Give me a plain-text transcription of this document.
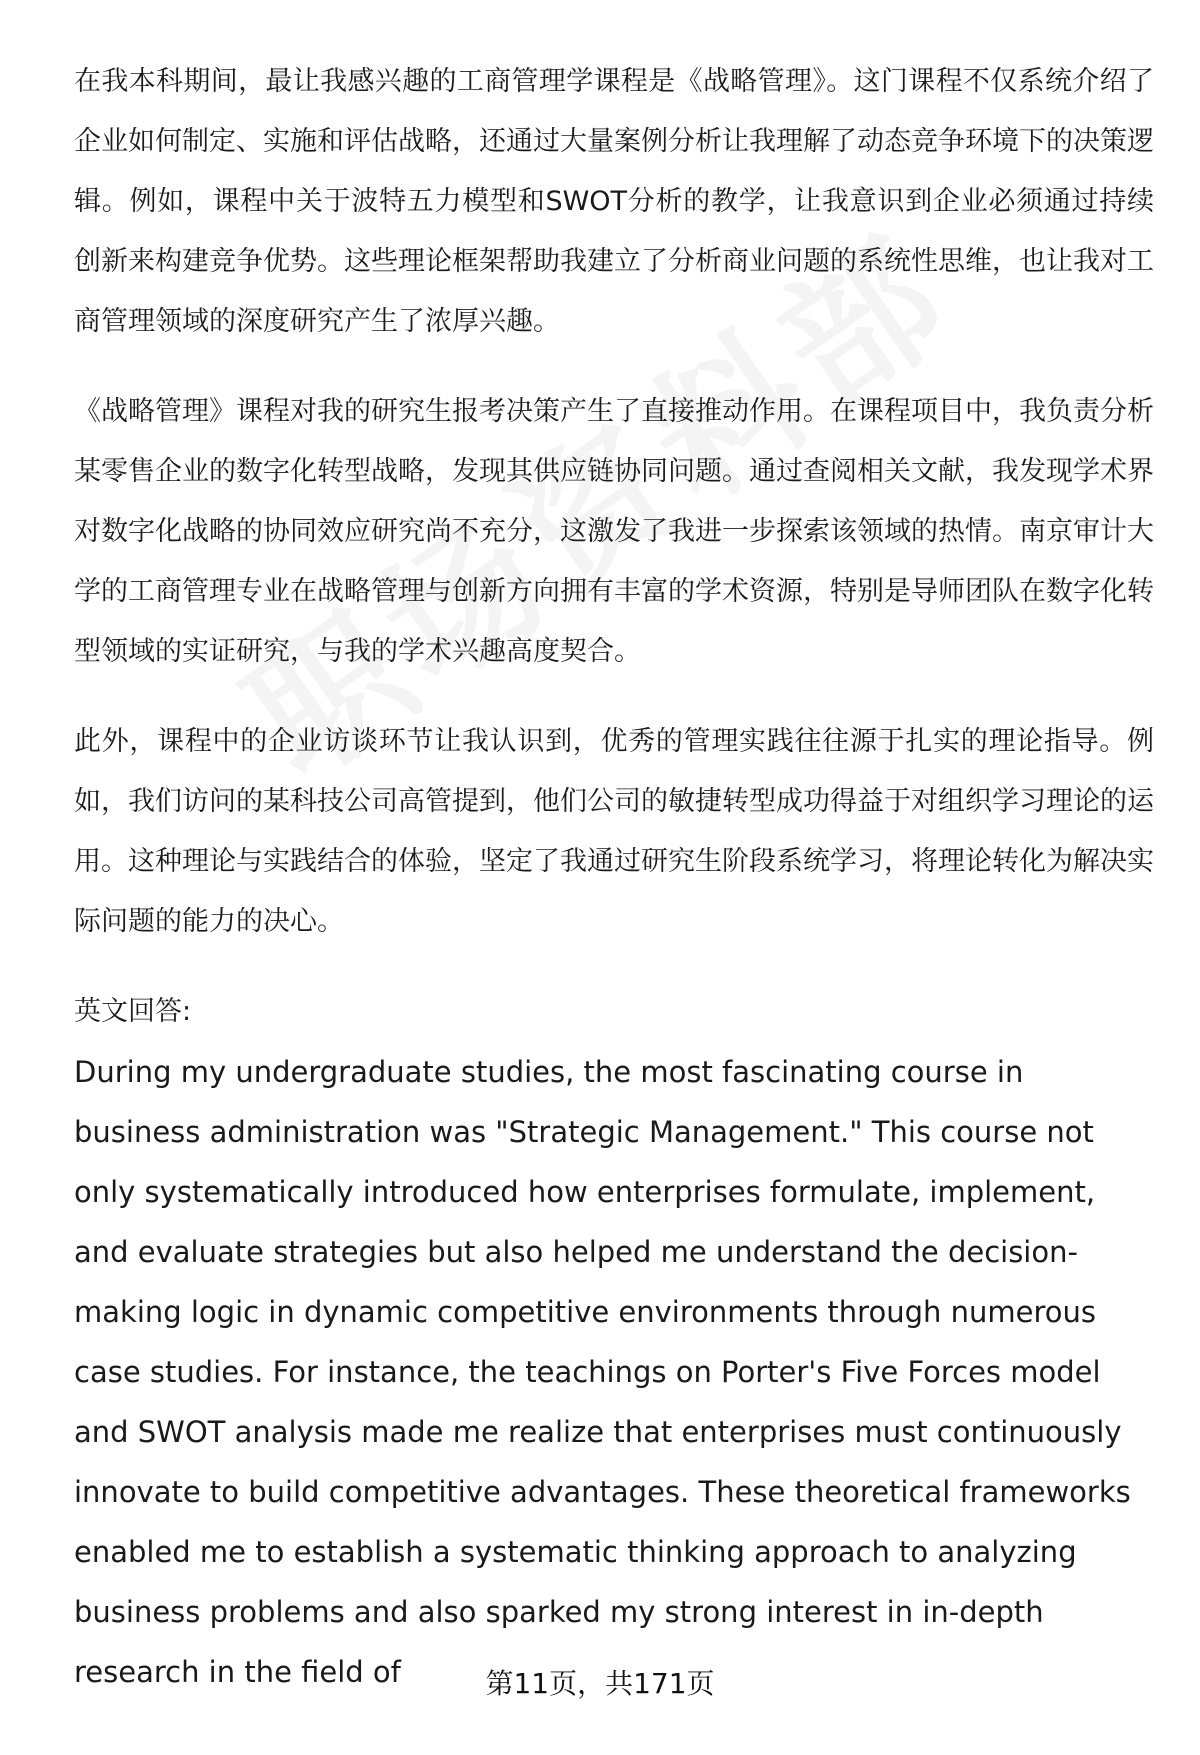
在我本科期间，最让我感兴趣的工商管理学课程是《战略管理》。这门课程不仅系统介绍了企业如何制定、实施和评估战略，还通过大量案例分析让我理解了动态竞争环境下的决策逻辑。例如，课程中关于波特五力模型和SWOT分析的教学，让我意识到企业必须通过持续创新来构建竞争优势。这些理论框架帮助我建立了分析商业问题的系统性思维，也让我对工商管理领域的深度研究产生了浓厚兴趣。

《战略管理》课程对我的研究生报考决策产生了直接推动作用。在课程项目中，我负责分析某零售企业的数字化转型战略，发现其供应链协同问题。通过查阅相关文献，我发现学术界对数字化战略的协同效应研究尚不充分，这激发了我进一步探索该领域的热情。南京审计大学的工商管理专业在战略管理与创新方向拥有丰富的学术资源，特别是导师团队在数字化转型领域的实证研究，与我的学术兴趣高度契合。

此外，课程中的企业访谈环节让我认识到，优秀的管理实践往往源于扎实的理论指导。例如，我们访问的某科技公司高管提到，他们公司的敏捷转型成功得益于对组织学习理论的运用。这种理论与实践结合的体验，坚定了我通过研究生阶段系统学习，将理论转化为解决实际问题的能力的决心。

英文回答:

During my undergraduate studies, the most fascinating course in business administration was "Strategic Management." This course not only systematically introduced how enterprises formulate, implement, and evaluate strategies but also helped me understand the decision-making logic in dynamic competitive environments through numerous case studies. For instance, the teachings on Porter's Five Forces model and SWOT analysis made me realize that enterprises must continuously innovate to build competitive advantages. These theoretical frameworks enabled me to establish a systematic thinking approach to analyzing business problems and also sparked my strong interest in in-depth research in the field of	第11页，共171页
